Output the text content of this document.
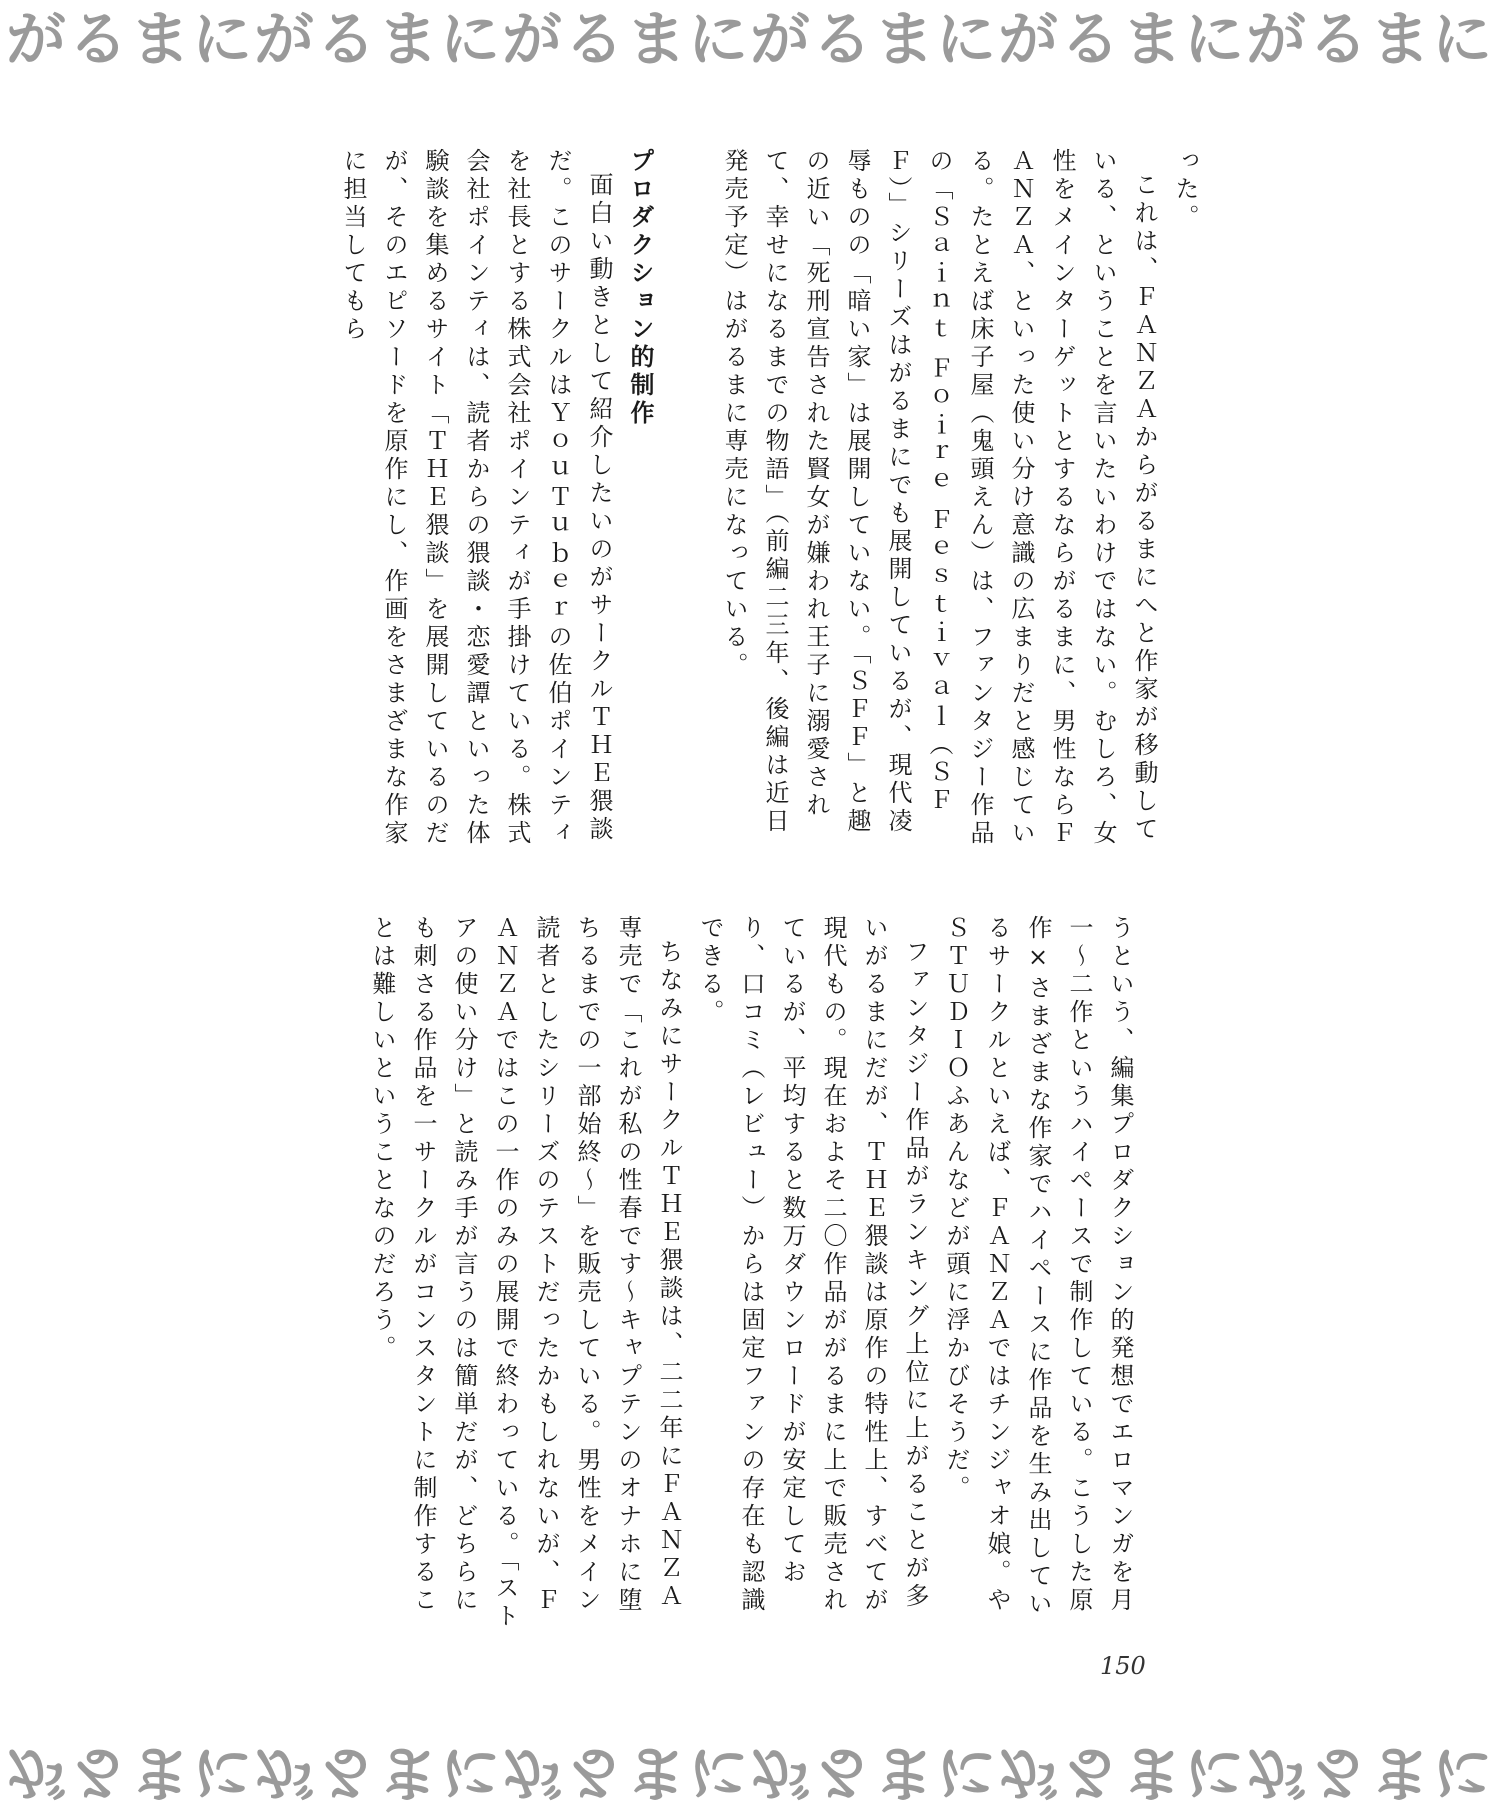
がるまにがるまにがるまにがるまにがるまにがるまに

った。

これは、ＦＡＮＺＡからがるまにへと作家が移動している、ということを言いたいわけではない。むしろ、女性をメインターゲットとするならがるまに、男性ならＦＡＮＺＡ、といった使い分け意識の広まりだと感じている。たとえば床子屋（鬼頭えん）は、ファンタジー作品の「Ｓａｉｎｔ Ｆｏｉｒｅ Ｆｅｓｔｉｖａｌ（ＳＦＦ）」シリーズはがるまにでも展開しているが、現代凌辱ものの「暗い家」は展開していない。「ＳＦＦ」と趣の近い「死刑宣告された賢女が嫌われ王子に溺愛されて、幸せになるまでの物語」（前編二三年、後編は近日発売予定）はがるまに専売になっている。

プロダクション的制作

面白い動きとして紹介したいのがサークルＴＨＥ猥談だ。このサークルはＹｏｕＴｕｂｅｒの佐伯ポインティを社長とする株式会社ポインティが手掛けている。株式会社ポインティは、読者からの猥談・恋愛譚といった体験談を集めるサイト「ＴＨＥ猥談」を展開しているのだが、そのエピソードを原作にし、作画をさまざまな作家に担当してもら

うという、編集プロダクション的発想でエロマンガを月一～二作というハイペースで制作している。こうした原作×さまざまな作家でハイペースに作品を生み出しているサークルといえば、ＦＡＮＺＡではチンジャオ娘。やＳＴＵＤＩＯふあんなどが頭に浮かびそうだ。

ファンタジー作品がランキング上位に上がることが多いがるまにだが、ＴＨＥ猥談は原作の特性上、すべてが現代もの。現在およそ二〇作品ががるまに上で販売されているが、平均すると数万ダウンロードが安定しており、口コミ（レビュー）からは固定ファンの存在も認識できる。

ちなみにサークルＴＨＥ猥談は、二二年にＦＡＮＺＡ専売で「これが私の性春です～キャプテンのオナホに堕ちるまでの一部始終～」を販売している。男性をメイン読者としたシリーズのテストだったかもしれないが、ＦＡＮＺＡではこの一作のみの展開で終わっている。「ストアの使い分け」と読み手が言うのは簡単だが、どちらにも刺さる作品を一サークルがコンスタントに制作することは難しいということなのだろう。

150
がるまにがるまにがるまにがるまにがるまにがるまに
